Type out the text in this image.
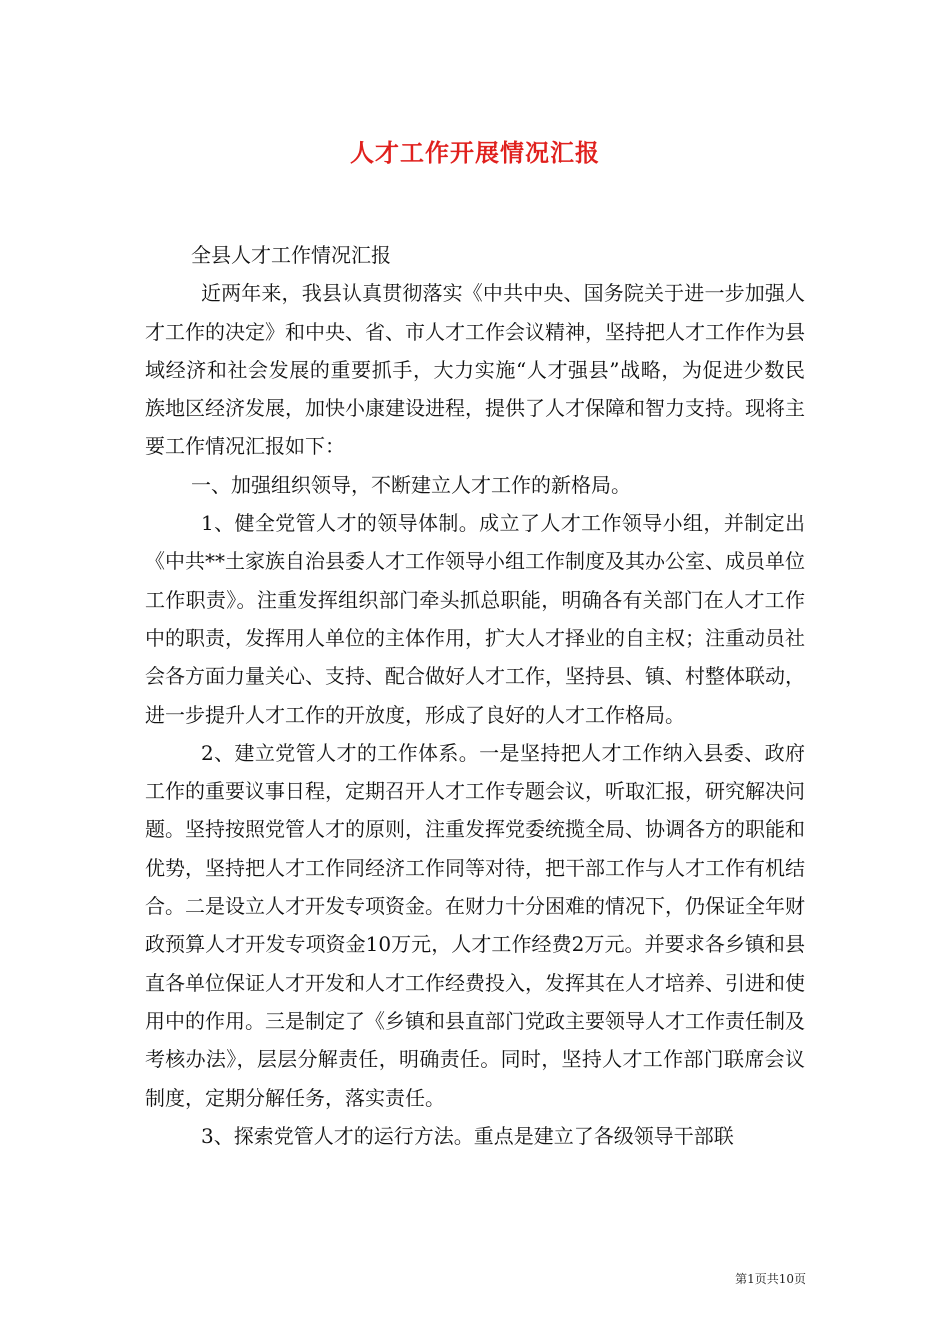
人才工作开展情况汇报

全县人才工作情况汇报

近两年来，我县认真贯彻落实《中共中央、国务院关于进一步加强人才工作的决定》和中央、省、市人才工作会议精神，坚持把人才工作作为县域经济和社会发展的重要抓手，大力实施“人才强县”战略，为促进少数民族地区经济发展，加快小康建设进程，提供了人才保障和智力支持。现将主要工作情况汇报如下：

一、加强组织领导，不断建立人才工作的新格局。

1、健全党管人才的领导体制。成立了人才工作领导小组，并制定出《中共**土家族自治县委人才工作领导小组工作制度及其办公室、成员单位工作职责》。注重发挥组织部门牵头抓总职能，明确各有关部门在人才工作中的职责，发挥用人单位的主体作用，扩大人才择业的自主权；注重动员社会各方面力量关心、支持、配合做好人才工作，坚持县、镇、村整体联动，进一步提升人才工作的开放度，形成了良好的人才工作格局。

2、建立党管人才的工作体系。一是坚持把人才工作纳入县委、政府工作的重要议事日程，定期召开人才工作专题会议，听取汇报，研究解决问题。坚持按照党管人才的原则，注重发挥党委统揽全局、协调各方的职能和优势，坚持把人才工作同经济工作同等对待，把干部工作与人才工作有机结合。二是设立人才开发专项资金。在财力十分困难的情况下，仍保证全年财政预算人才开发专项资金10万元，人才工作经费2万元。并要求各乡镇和县直各单位保证人才开发和人才工作经费投入，发挥其在人才培养、引进和使用中的作用。三是制定了《乡镇和县直部门党政主要领导人才工作责任制及考核办法》，层层分解责任，明确责任。同时，坚持人才工作部门联席会议制度，定期分解任务，落实责任。

3、探索党管人才的运行方法。重点是建立了各级领导干部联

第1页共10页
